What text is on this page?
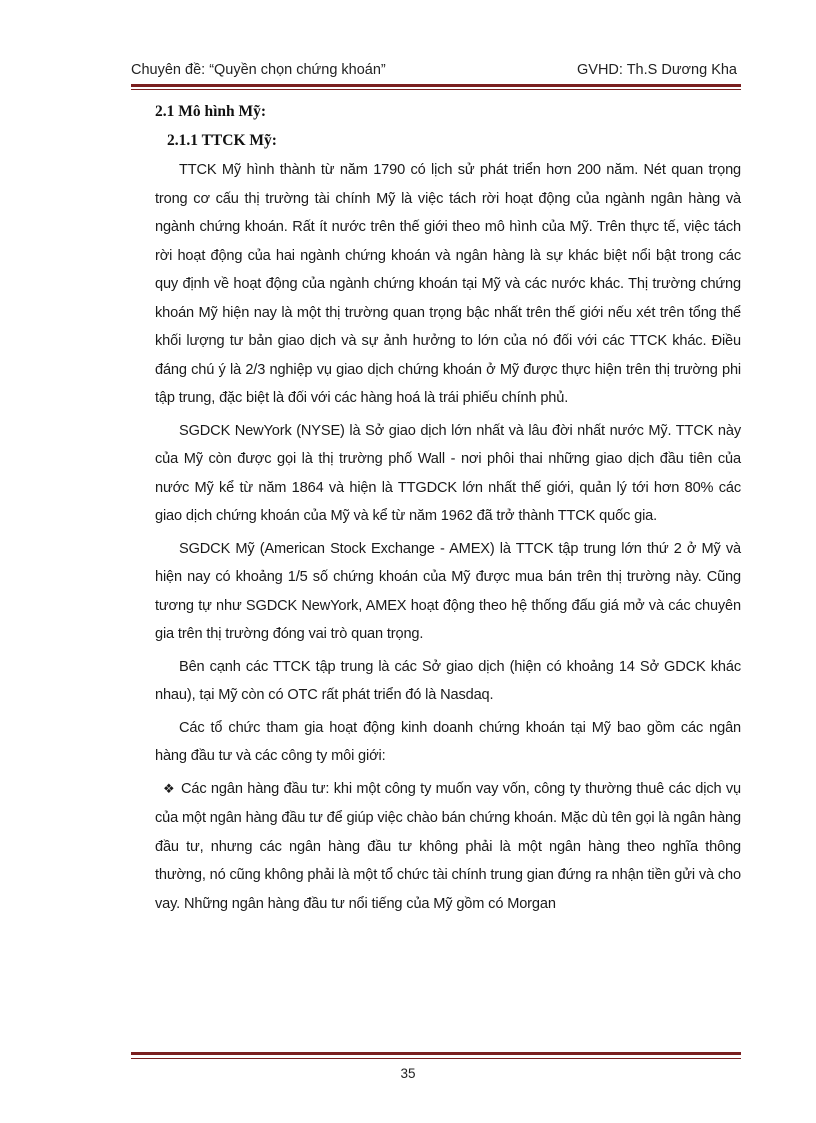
Chuyên đề: “Quyền chọn chứng khoán”	GVHD: Th.S Dương Kha
2.1 Mô hình Mỹ:
2.1.1 TTCK Mỹ:

TTCK Mỹ hình thành từ năm 1790 có lịch sử phát triển hơn 200 năm. Nét quan trọng trong cơ cấu thị trường tài chính Mỹ là việc tách rời hoạt động của ngành ngân hàng và ngành chứng khoán. Rất ít nước trên thế giới theo mô hình của Mỹ. Trên thực tế, việc tách rời hoạt động của hai ngành chứng khoán và ngân hàng là sự khác biệt nổi bật trong các quy định về hoạt động của ngành chứng khoán tại Mỹ và các nước khác. Thị trường chứng khoán Mỹ hiện nay là một thị trường quan trọng bậc nhất trên thế giới nếu xét trên tổng thể khối lượng tư bản giao dịch và sự ảnh hưởng to lớn của nó đối với các TTCK khác. Điều đáng chú ý là 2/3 nghiệp vụ giao dịch chứng khoán ở Mỹ được thực hiện trên thị trường phi tập trung, đặc biệt là đối với các hàng hoá là trái phiếu chính phủ.

SGDCK NewYork (NYSE) là Sở giao dịch lớn nhất và lâu đời nhất nước Mỹ. TTCK này của Mỹ còn được gọi là thị trường phố Wall - nơi phôi thai những giao dịch đầu tiên của nước Mỹ kể từ năm 1864 và hiện là TTGDCK lớn nhất thế giới, quản lý tới hơn 80% các giao dịch chứng khoán của Mỹ và kể từ năm 1962 đã trở thành TTCK quốc gia.

SGDCK Mỹ (American Stock Exchange - AMEX) là TTCK tập trung lớn thứ 2 ở Mỹ và hiện nay có khoảng 1/5 số chứng khoán của Mỹ được mua bán trên thị trường này. Cũng tương tự như SGDCK NewYork, AMEX hoạt động theo hệ thống đấu giá mở và các chuyên gia trên thị trường đóng vai trò quan trọng.

Bên cạnh các TTCK tập trung là các Sở giao dịch (hiện có khoảng 14 Sở GDCK khác nhau), tại Mỹ còn có OTC rất phát triển đó là Nasdaq.

Các tổ chức tham gia hoạt động kinh doanh chứng khoán tại Mỹ bao gồm các ngân hàng đầu tư và các công ty môi giới:

❖ Các ngân hàng đầu tư: khi một công ty muốn vay vốn, công ty thường thuê các dịch vụ của một ngân hàng đầu tư để giúp việc chào bán chứng khoán. Mặc dù tên gọi là ngân hàng đầu tư, nhưng các ngân hàng đầu tư không phải là một ngân hàng theo nghĩa thông thường, nó cũng không phải là một tổ chức tài chính trung gian đứng ra nhận tiền gửi và cho vay. Những ngân hàng đầu tư nổi tiếng của Mỹ gồm có Morgan

35
